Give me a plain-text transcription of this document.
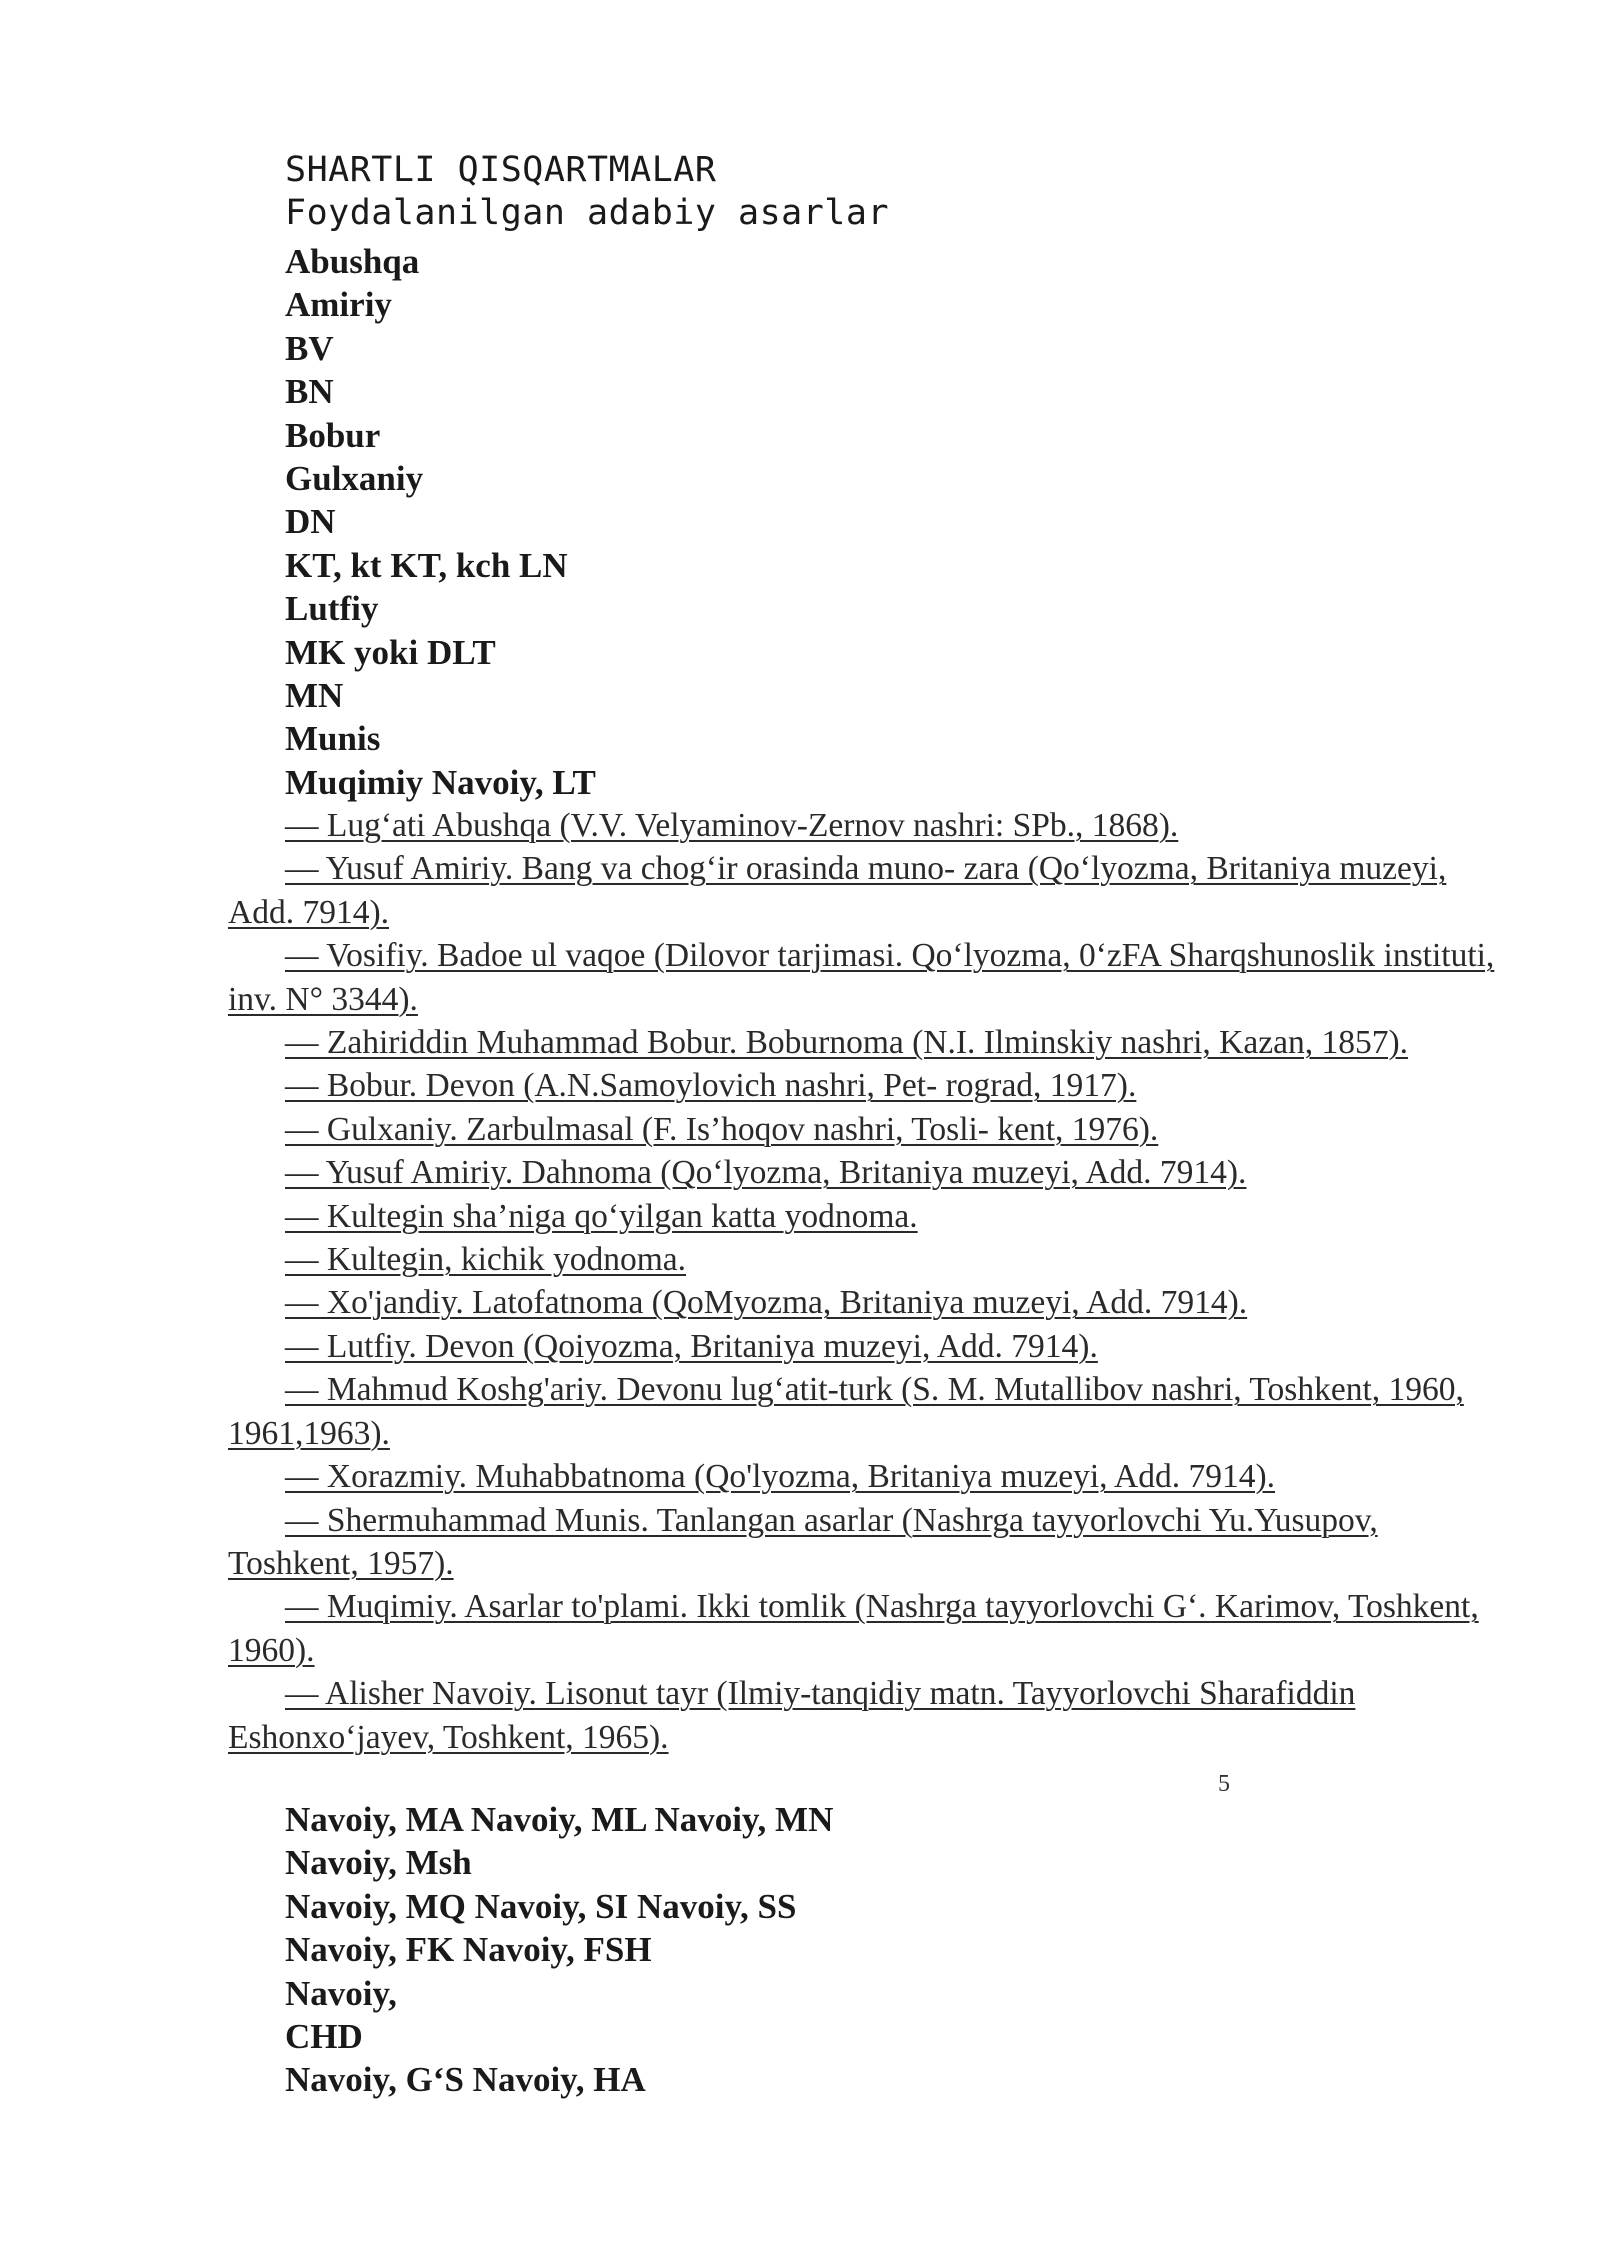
SHARTLI QISQARTMALAR
Foydalanilgan adabiy asarlar
Abushqa
Amiriy
BV
BN
Bobur
Gulxaniy
DN
KT, kt KT, kch LN
Lutfiy
MK yoki DLT
MN
Munis
Muqimiy Navoiy, LT
— Lug‘ati Abushqa (V.V. Velyaminov-Zernov nashri: SPb., 1868).
— Yusuf Amiriy. Bang va chog‘ir orasinda muno- zara (Qo‘lyozma, Britaniya muzeyi, Add. 7914).
— Vosifiy. Badoe ul vaqoe (Dilovor tarjimasi. Qo‘lyozma, 0‘zFA Sharqshunoslik instituti, inv. N° 3344).
— Zahiriddin Muhammad Bobur. Boburnoma (N.I. Ilminskiy nashri, Kazan, 1857).
— Bobur. Devon (A.N.Samoylovich nashri, Pet- rograd, 1917).
— Gulxaniy. Zarbulmasal (F. Is’hoqov nashri, Tosli- kent, 1976).
— Yusuf Amiriy. Dahnoma (Qo‘lyozma, Britaniya muzeyi, Add. 7914).
— Kultegin sha’niga qo‘yilgan katta yodnoma.
— Kultegin, kichik yodnoma.
— Xo'jandiy. Latofatnoma (QoMyozma, Britaniya muzeyi, Add. 7914).
— Lutfiy. Devon (Qoiyozma, Britaniya muzeyi, Add. 7914).
— Mahmud Koshg'ariy. Devonu lug‘atit-turk (S. M. Mutallibov nashri, Toshkent, 1960, 1961,1963).
— Xorazmiy. Muhabbatnoma (Qo'lyozma, Britaniya muzeyi, Add. 7914).
— Shermuhammad Munis. Tanlangan asarlar (Nashrga tayyorlovchi Yu.Yusupov, Toshkent, 1957).
— Muqimiy. Asarlar to'plami. Ikki tomlik (Nashrga tayyorlovchi G‘. Karimov, Toshkent, 1960).
— Alisher Navoiy. Lisonut tayr (Ilmiy-tanqidiy matn. Tayyorlovchi Sharafiddin Eshonxo‘jayev, Toshkent, 1965).
5
Navoiy, MA Navoiy, ML Navoiy, MN
Navoiy, Msh
Navoiy, MQ Navoiy, SI Navoiy, SS
Navoiy, FK Navoiy, FSH
Navoiy,
CHD
Navoiy, G‘S Navoiy, HA
